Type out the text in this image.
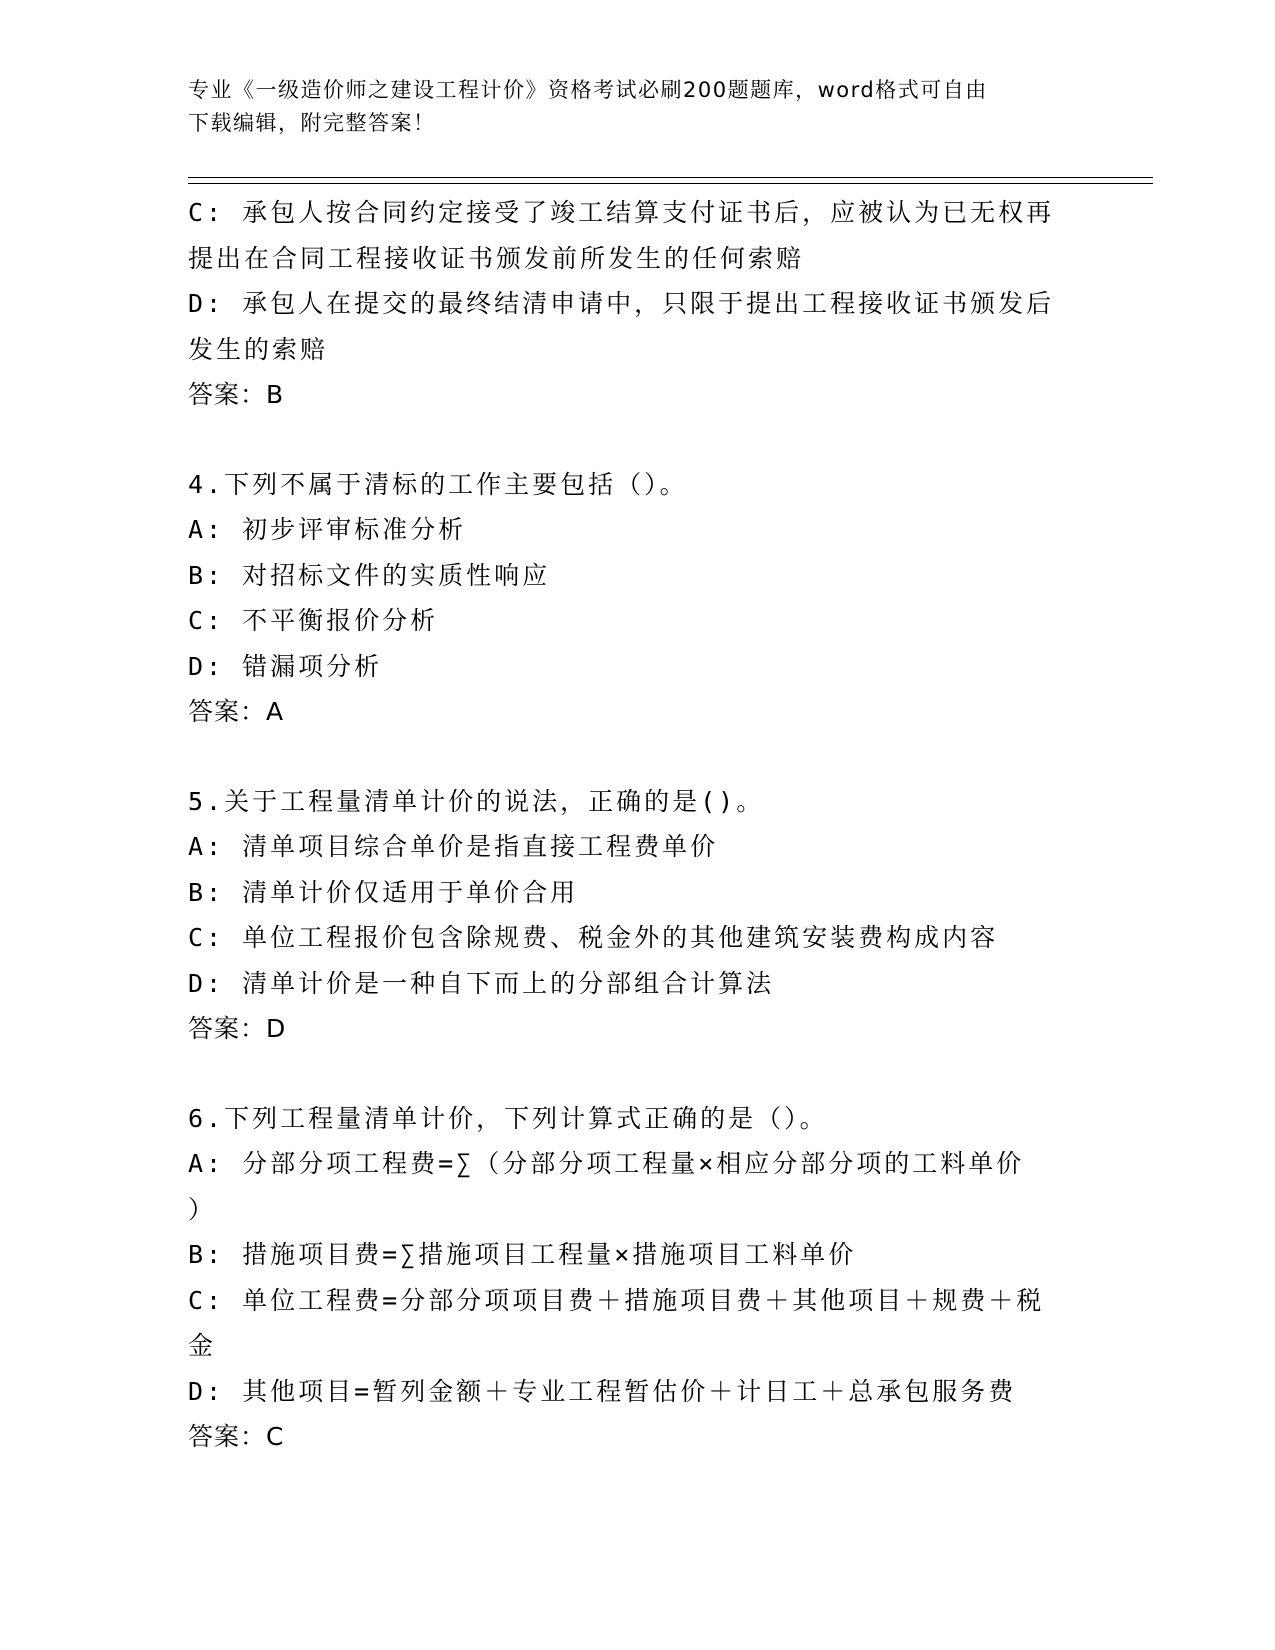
专业《一级造价师之建设工程计价》资格考试必刷200题题库，word格式可自由
下载编辑，附完整答案！
C: 承包人按合同约定接受了竣工结算支付证书后，应被认为已无权再
提出在合同工程接收证书颁发前所发生的任何索赔
D: 承包人在提交的最终结清申请中，只限于提出工程接收证书颁发后
发生的索赔
答案：B
4.下列不属于清标的工作主要包括（）。
A: 初步评审标准分析
B: 对招标文件的实质性响应
C: 不平衡报价分析
D: 错漏项分析
答案：A
5.关于工程量清单计价的说法，正确的是()。
A: 清单项目综合单价是指直接工程费单价
B: 清单计价仅适用于单价合用
C: 单位工程报价包含除规费、税金外的其他建筑安装费构成内容
D: 清单计价是一种自下而上的分部组合计算法
答案：D
6.下列工程量清单计价，下列计算式正确的是（）。
A: 分部分项工程费=∑（分部分项工程量×相应分部分项的工料单价
）
B: 措施项目费=∑措施项目工程量×措施项目工料单价
C: 单位工程费=分部分项项目费＋措施项目费＋其他项目＋规费＋税
金
D: 其他项目=暂列金额＋专业工程暂估价＋计日工＋总承包服务费
答案：C
